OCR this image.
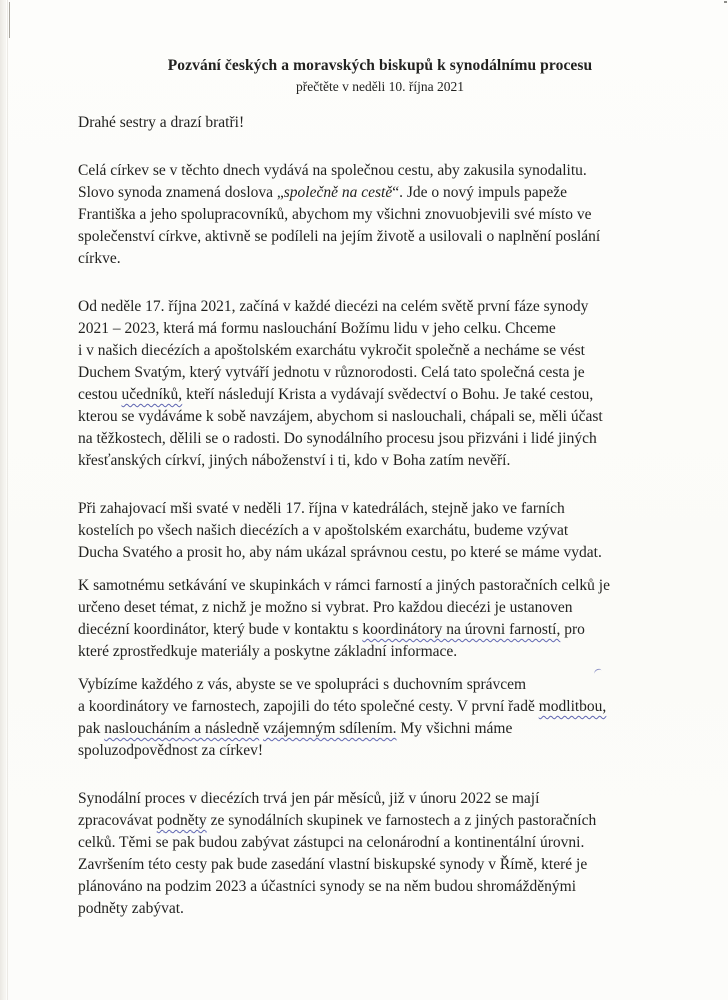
Pozvání českých a moravských biskupů k synodálnímu procesu
přečtěte v neděli 10. října 2021
Drahé sestry a drazí bratři!
Celá církev se v těchto dnech vydává na společnou cestu, aby zakusila synodalitu.
Slovo synoda znamená doslova „společně na cestě“. Jde o nový impuls papeže
Františka a jeho spolupracovníků, abychom my všichni znovuobjevili své místo ve
společenství církve, aktivně se podíleli na jejím životě a usilovali o naplnění poslání
církve.
Od neděle 17. října 2021, začíná v každé diecézi na celém světě první fáze synody
2021 – 2023, která má formu naslouchání Božímu lidu v jeho celku. Chceme
i v našich diecézích a apoštolském exarchátu vykročit společně a necháme se vést
Duchem Svatým, který vytváří jednotu v různorodosti. Celá tato společná cesta je
cestou učedníků, kteří následují Krista a vydávají svědectví o Bohu. Je také cestou,
kterou se vydáváme k sobě navzájem, abychom si naslouchali, chápali se, měli účast
na těžkostech, dělili se o radosti. Do synodálního procesu jsou přizváni i lidé jiných
křesťanských církví, jiných náboženství i ti, kdo v Boha zatím nevěří.
Při zahajovací mši svaté v neděli 17. října v katedrálách, stejně jako ve farních
kostelích po všech našich diecézích a v apoštolském exarchátu, budeme vzývat
Ducha Svatého a prosit ho, aby nám ukázal správnou cestu, po které se máme vydat.
K samotnému setkávání ve skupinkách v rámci farností a jiných pastoračních celků je
určeno deset témat, z nichž je možno si vybrat. Pro každou diecézi je ustanoven
diecézní koordinátor, který bude v kontaktu s koordinátory na úrovni farností, pro
které zprostředkuje materiály a poskytne základní informace.
Vybízíme každého z vás, abyste se ve spolupráci s duchovním správcem
a koordinátory ve farnostech, zapojili do této společné cesty. V první řadě modlitbou,
pak nasloucháním a následně vzájemným sdílením. My všichni máme
spoluzodpovědnost za církev!
Synodální proces v diecézích trvá jen pár měsíců, již v únoru 2022 se mají
zpracovávat podněty ze synodálních skupinek ve farnostech a z jiných pastoračních
celků. Těmi se pak budou zabývat zástupci na celonárodní a kontinentální úrovni.
Završením této cesty pak bude zasedání vlastní biskupské synody v Římě, které je
plánováno na podzim 2023 a účastníci synody se na něm budou shromážděnými
podněty zabývat.
